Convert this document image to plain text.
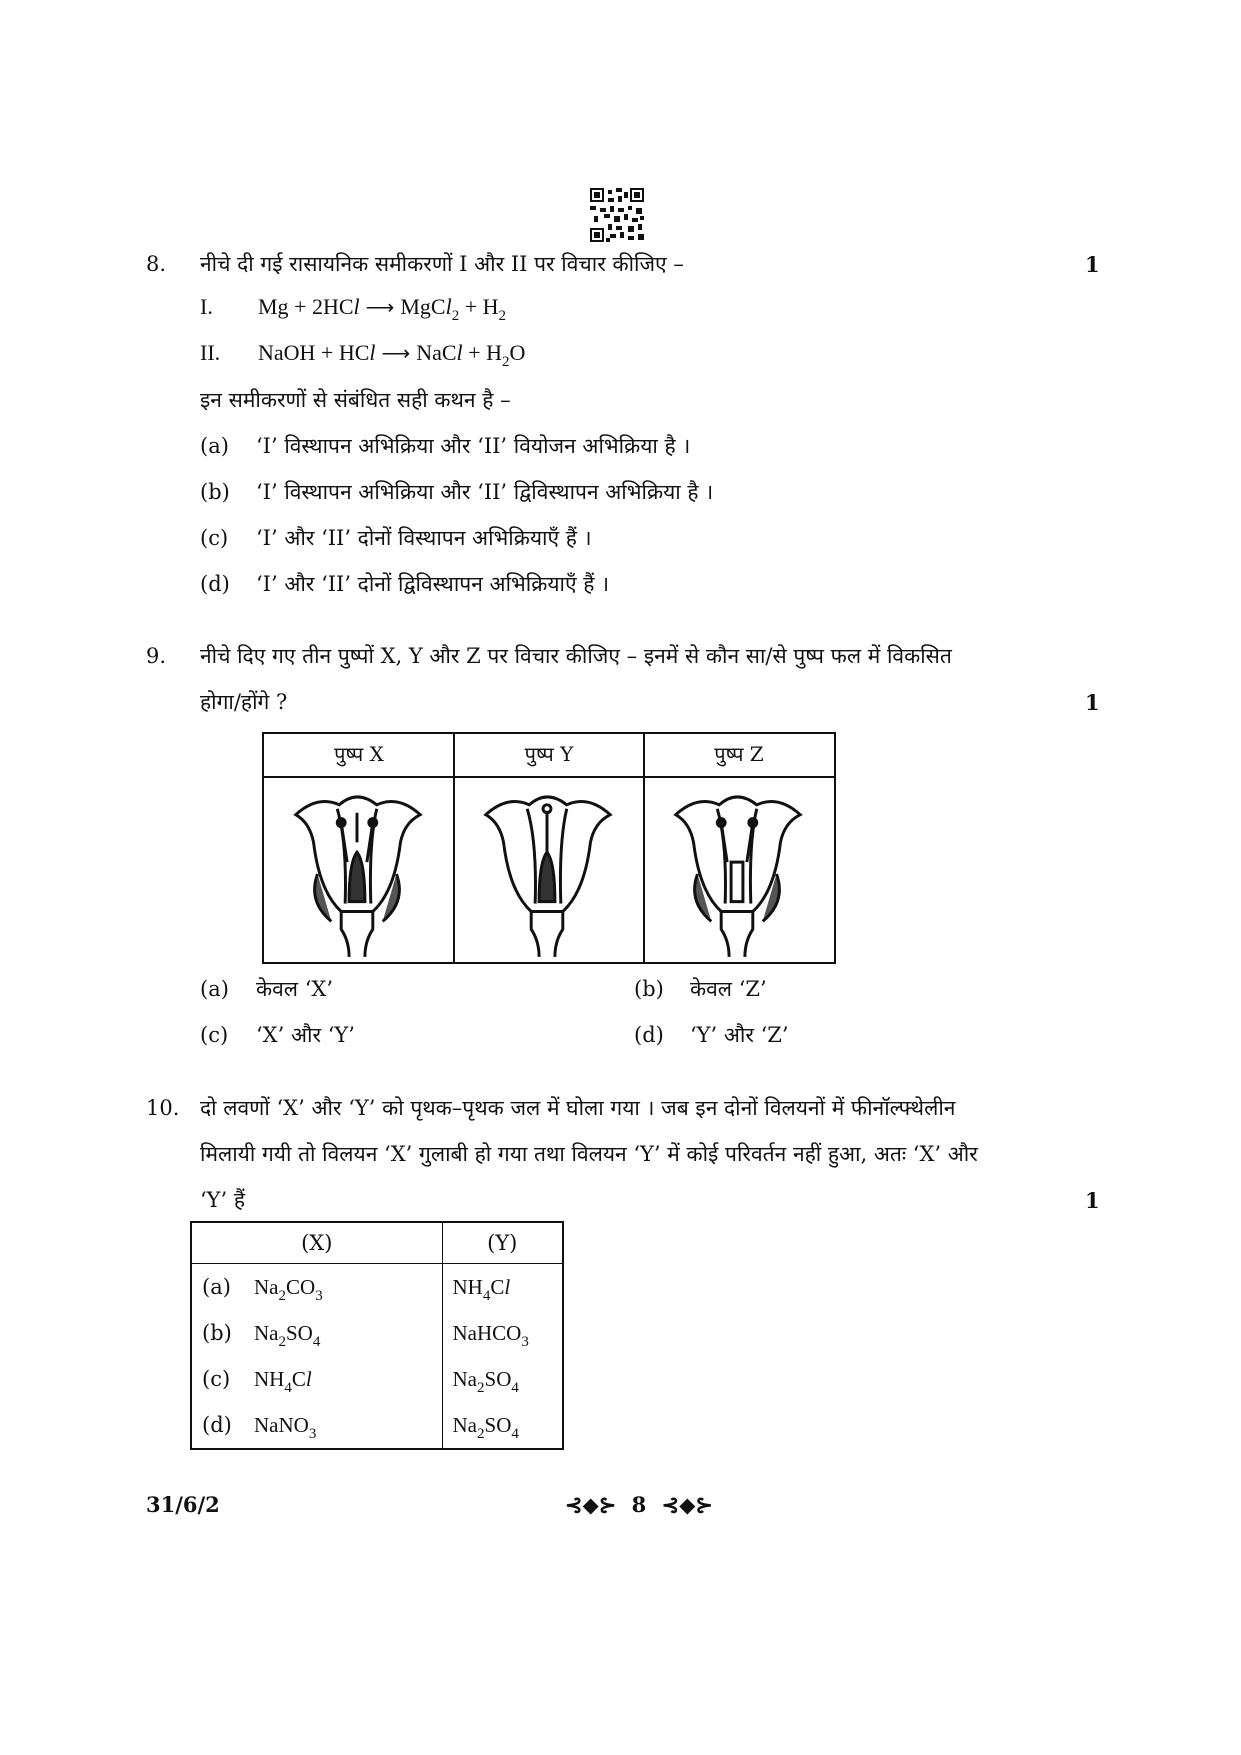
8. नीचे दी गई रासायनिक समीकरणों I और II पर विचार कीजिए –	1
I. Mg + 2HCl ⟶ MgCl$_2$ + $H_2$
II. NaOH + HCl ⟶ NaCl + $H_2O$
इन समीकरणों से संबंधित सही कथन है –
(a) ‘I’ विस्थापन अभिक्रिया और ‘II’ वियोजन अभिक्रिया है ।
(b) ‘I’ विस्थापन अभिक्रिया और ‘II’ द्विविस्थापन अभिक्रिया है ।
(c) ‘I’ और ‘II’ दोनों विस्थापन अभिक्रियाएँ हैं ।
(d) ‘I’ और ‘II’ दोनों द्विविस्थापन अभिक्रियाएँ हैं ।
9. नीचे दिए गए तीन पुष्पों X, Y और Z पर विचार कीजिए – इनमें से कौन सा/से पुष्प फल में विकसित
होगा/होंगे ?	1
पुष्प X	पुष्प Y	पुष्प Z
(a) केवल ‘X’	(b) केवल ‘Z’
(c) ‘X’ और ‘Y’	(d) ‘Y’ और ‘Z’
10. दो लवणों ‘X’ और ‘Y’ को पृथक–पृथक जल में घोला गया । जब इन दोनों विलयनों में फीनॉल्फ्थेलीन
मिलायी गयी तो विलयन ‘X’ गुलाबी हो गया तथा विलयन ‘Y’ में कोई परिवर्तन नहीं हुआ, अतः ‘X’ और
‘Y’ हैं	1
(X)		(Y)
(a)	$Na_2CO_3$	$NH_4Cl$
(b)	$Na_2SO_4$	NaHCO$_3$
(c)	$NH_4Cl$	$Na_2SO_4$
(d)	NaNO$_3$	$Na_2SO_4$
31/6/2	⊰◆⊱ 8 ⊰◆⊱
